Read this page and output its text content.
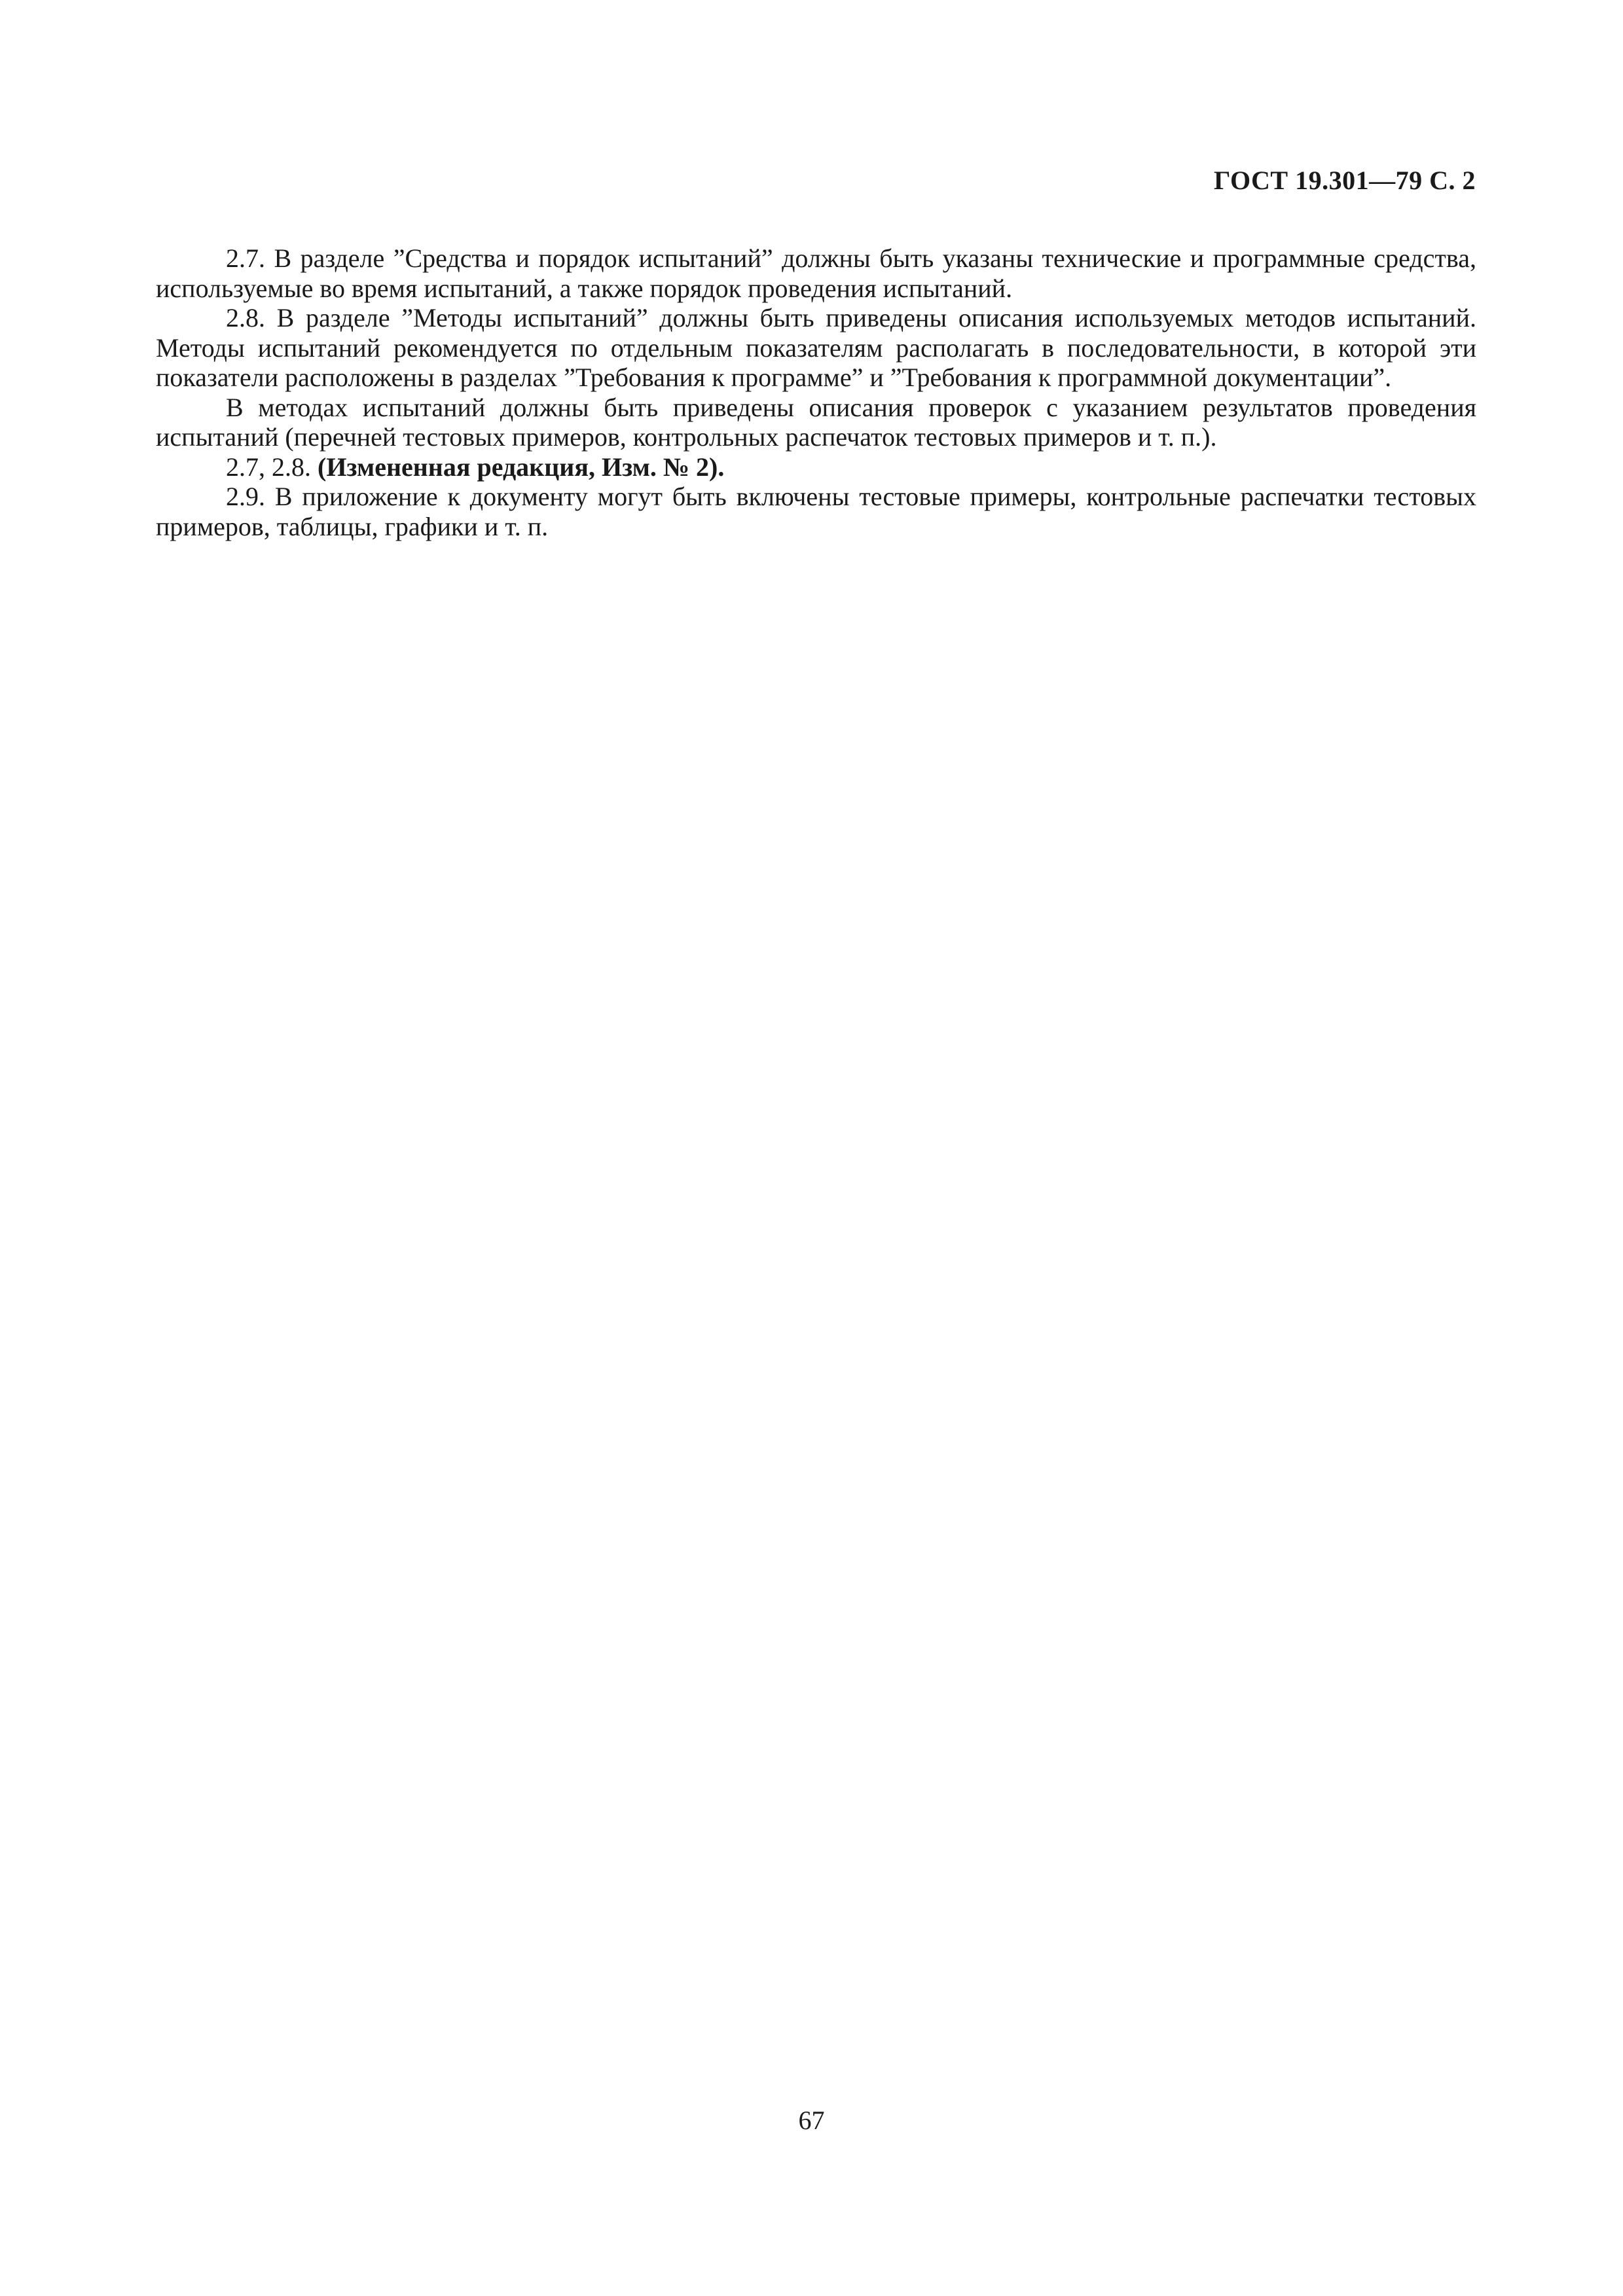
ГОСТ 19.301—79 С. 2

2.7. В разделе ”Средства и порядок испытаний” должны быть указаны технические и программные средства, используемые во время испытаний, а также порядок проведения испытаний.

2.8. В разделе ”Методы испытаний” должны быть приведены описания используемых методов испытаний. Методы испытаний рекомендуется по отдельным показателям располагать в последовательности, в которой эти показатели расположены в разделах ”Требования к программе” и ”Требования к программной документации”.

В методах испытаний должны быть приведены описания проверок с указанием результатов проведения испытаний (перечней тестовых примеров, контрольных распечаток тестовых примеров и т. п.).

2.7, 2.8. (Измененная редакция, Изм. № 2).

2.9. В приложение к документу могут быть включены тестовые примеры, контрольные распечатки тестовых примеров, таблицы, графики и т. п.

67
